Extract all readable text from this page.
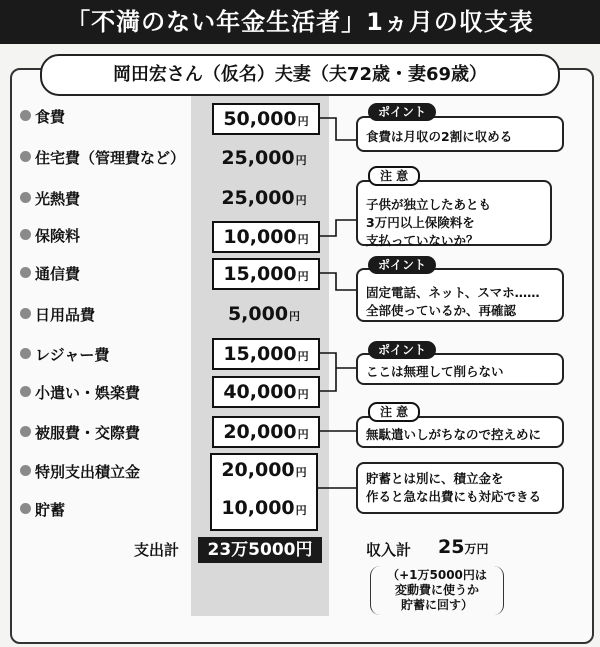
「不満のない年金生活者」1ヵ月の収支表
岡田宏さん（仮名）夫妻（夫72歳・妻69歳）
食費
住宅費（管理費など）
光熱費
保険料
通信費
日用品費
レジャー費
小遣い・娯楽費
被服費・交際費
特別支出積立金
貯蓄
50,000円
25,000円
25,000円
10,000円
15,000円
5,000円
15,000円
40,000円
20,000円
20,000円
10,000円
食費は月収の2割に収める
ポイント
子供が独立したあとも
3万円以上保険料を
支払っていないか？
注 意
固定電話、ネット、スマホ……
全部使っているか、再確認
ポイント
ここは無理して削らない
ポイント
無駄遣いしがちなので控えめに
注 意
貯蓄とは別に、積立金を
作ると急な出費にも対応できる
支出計	23万5000円	収入計 25万円
（+1万5000円は
変動費に使うか
貯蓄に回す）
